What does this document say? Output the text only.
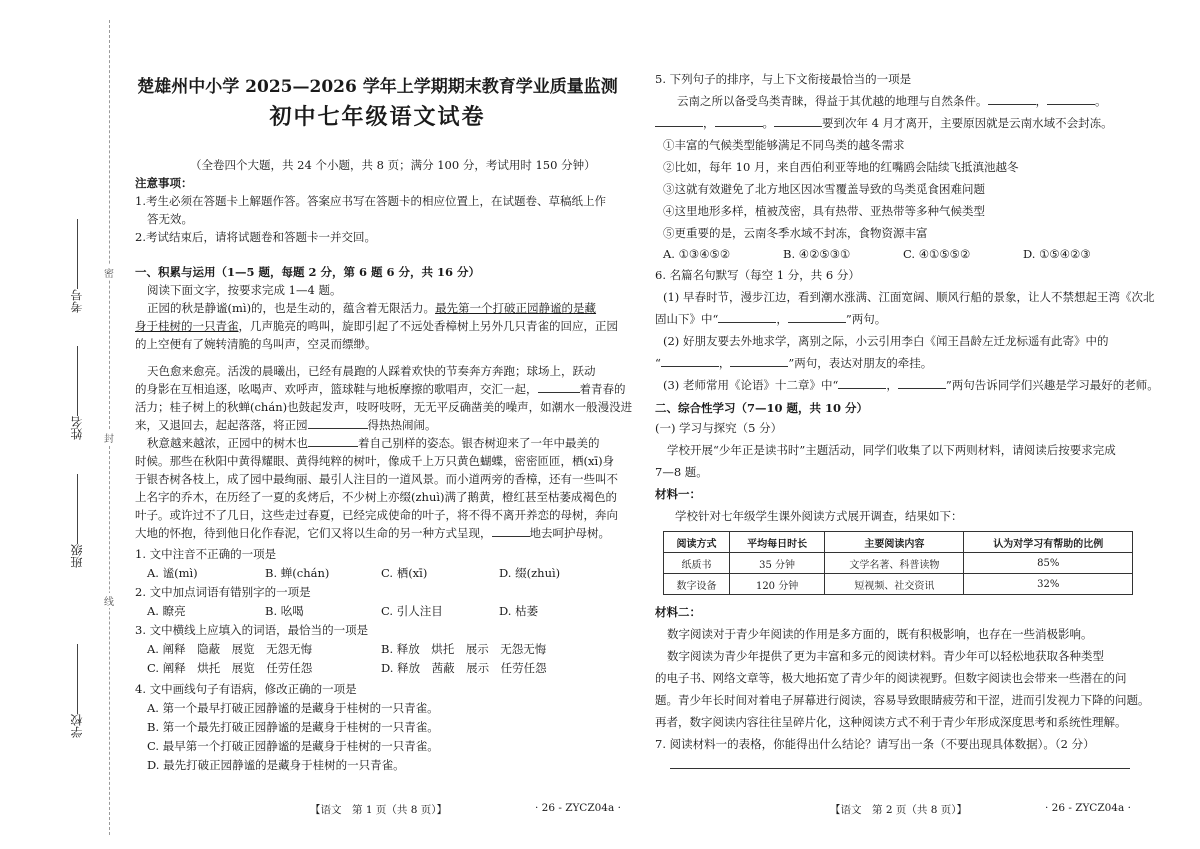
考号
姓名
班级
学校
密
封
线
楚雄州中小学 2025—2026 学年上学期期末教育学业质量监测
初中七年级语文试卷
（全卷四个大题，共 24 个小题，共 8 页；满分 100 分，考试用时 150 分钟）
注意事项：
1.考生必须在答题卡上解题作答。答案应书写在答题卡的相应位置上，在试题卷、草稿纸上作
答无效。
2.考试结束后，请将试题卷和答题卡一并交回。
一、积累与运用（1—5 题，每题 2 分，第 6 题 6 分，共 16 分）
阅读下面文字，按要求完成 1—4 题。
正园的秋是静谧(mì)的，也是生动的，蕴含着无限活力。最先第一个打破正园静谧的是藏
身于桂树的一只青雀，几声脆亮的鸣叫，旋即引起了不远处香樟树上另外几只青雀的回应，正园
的上空便有了婉转清脆的鸟叫声，空灵而缥缈。
天色愈来愈亮。活泼的晨曦出，已经有晨跑的人踩着欢快的节奏奔方奔跑；球场上，跃动
的身影在互相追逐，吆喝声、欢呼声，篮球鞋与地板摩擦的歌唱声，交汇一起，	着青春的
活力；桂子树上的秋蝉(chán)也鼓起发声，吱呀吱呀，无无平反确凿美的噪声，如潮水一般漫没进
来，又退回去，起起落落，将正园	得热热闹闹。
秋意越来越浓，正园中的树木也	着自己别样的姿态。银杏树迎来了一年中最美的
时候。那些在秋阳中黄得耀眼、黄得纯粹的树叶，像成千上万只黄色蝴蝶，密密匝匝，栖(xī)身
于银杏树各枝上，成了园中最绚丽、最引人注目的一道风景。而小道两旁的香樟，还有一些叫不
上名字的乔木，在历经了一夏的炙烤后，不少树上亦缀(zhuì)满了鹅黄，橙红甚至枯萎成褐色的
叶子。或许过不了几日，这些走过春夏，已经完成使命的叶子，将不得不离开养恋的母树，奔向
大地的怀抱，待到他日化作春泥，它们又将以生命的另一种方式呈现，	地去呵护母树。
1. 文中注音不正确的一项是
A. 谧(mì)	B. 蝉(chán)	C. 栖(xī)	D. 缀(zhuì)
2. 文中加点词语有错别字的一项是
A. 瞭亮	B. 吆喝	C. 引人注目	D. 枯萎
3. 文中横线上应填入的词语，最恰当的一项是
A. 阐释　 隐蔽　 展览　 无怨无悔	B. 释放　 烘托　 展示　 无怨无悔
C. 阐释　 烘托　 展览　 任劳任怨	D. 释放　 茜蔽　 展示　 任劳任怨
4. 文中画线句子有语病，修改正确的一项是
A. 第一个最早打破正园静谧的是藏身于桂树的一只青雀。
B. 第一个最先打破正园静谧的是藏身于桂树的一只青雀。
C. 最早第一个打破正园静谧的是藏身于桂树的一只青雀。
D. 最先打破正园静谧的是藏身于桂树的一只青雀。
【语文　第 1 页（共 8 页）】	· 26 - ZYCZ04a ·
5. 下列句子的排序，与上下文衔接最恰当的一项是
云南之所以备受鸟类青睐，得益于其优越的地理与自然条件。	，	。
，	。	要到次年 4 月才离开，主要原因就是云南水域不会封冻。
①丰富的气候类型能够满足不同鸟类的越冬需求
②比如，每年 10 月，来自西伯利亚等地的红嘴鸥会陆续飞抵滇池越冬
③这就有效避免了北方地区因冰雪覆盖导致的鸟类觅食困难问题
④这里地形多样，植被茂密，具有热带、亚热带等多种气候类型
⑤更重要的是，云南冬季水域不封冻，食物资源丰富
A. ①③④⑤②	B. ④②⑤③①	C. ④①⑤⑤②	D. ①⑤④②③
6. 名篇名句默写（每空 1 分，共 6 分）
(1) 早春时节，漫步江边，看到潮水涨满、江面宽阔、顺风行船的景象，让人不禁想起王湾《次北
固山下》中“	，	”两句。
(2) 好朋友要去外地求学，离别之际，小云引用李白《闻王昌龄左迁龙标遥有此寄》中的
“	，	”两句，表达对朋友的牵挂。
(3) 老师常用《论语》十二章》中“	，	”两句告诉同学们兴趣是学习最好的老师。
二、综合性学习（7—10 题，共 10 分）
(一) 学习与探究（5 分）
学校开展“少年正是读书时”主题活动，同学们收集了以下两则材料，请阅读后按要求完成
7—8 题。
材料一：
学校针对七年级学生课外阅读方式展开调查，结果如下：
阅读方式	平均每日时长	主要阅读内容	认为对学习有帮助的比例
纸质书	35 分钟	文学名著、科普读物	85%
数字设备	120 分钟	短视频、社交资讯	32%
材料二：
数字阅读对于青少年阅读的作用是多方面的，既有积极影响，也存在一些消极影响。
数字阅读为青少年提供了更为丰富和多元的阅读材料。青少年可以轻松地获取各种类型
的电子书、网络文章等，极大地拓宽了青少年的阅读视野。但数字阅读也会带来一些潜在的问
题。青少年长时间对着电子屏幕进行阅读，容易导致眼睛疲劳和干涩，进而引发视力下降的问题。
再者，数字阅读内容往往呈碎片化，这种阅读方式不利于青少年形成深度思考和系统性理解。
7. 阅读材料一的表格，你能得出什么结论？请写出一条（不要出现具体数据）。（2 分）
【语文　第 2 页（共 8 页）】	· 26 - ZYCZ04a ·
